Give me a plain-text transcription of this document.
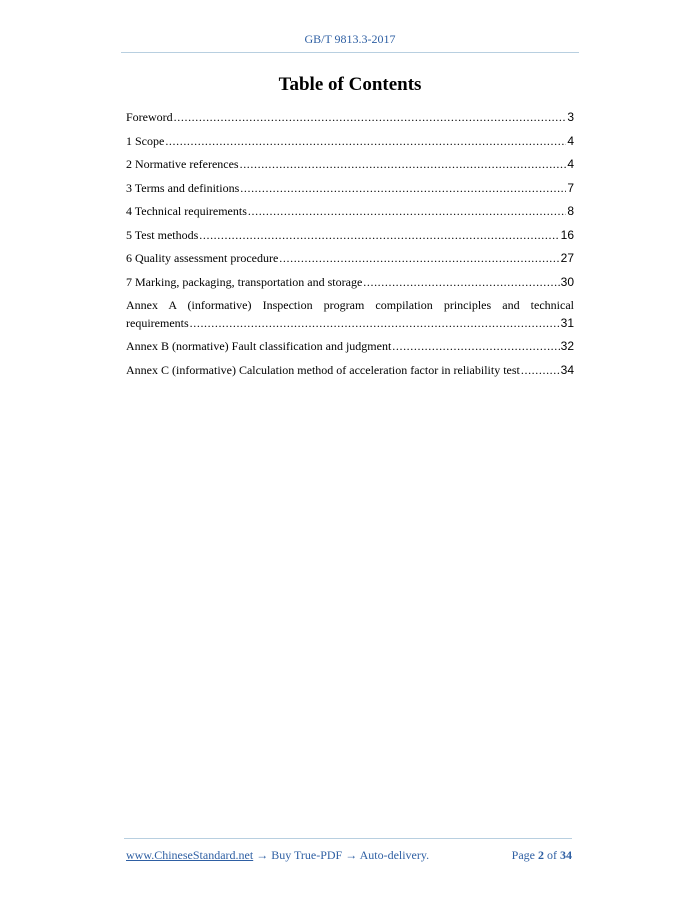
GB/T 9813.3-2017
Table of Contents
Foreword .....	3
1 Scope .....	4
2 Normative references .....	4
3 Terms and definitions .....	7
4 Technical requirements .....	8
5 Test methods .....	16
6 Quality assessment procedure .....	27
7 Marking, packaging, transportation and storage .....	30
Annex A (informative) Inspection program compilation principles and technical
requirements .....	31
Annex B (normative) Fault classification and judgment .....	32
Annex C (informative) Calculation method of acceleration factor in reliability test .....	34
www.ChineseStandard.net → Buy True-PDF → Auto-delivery.	Page 2 of 34
